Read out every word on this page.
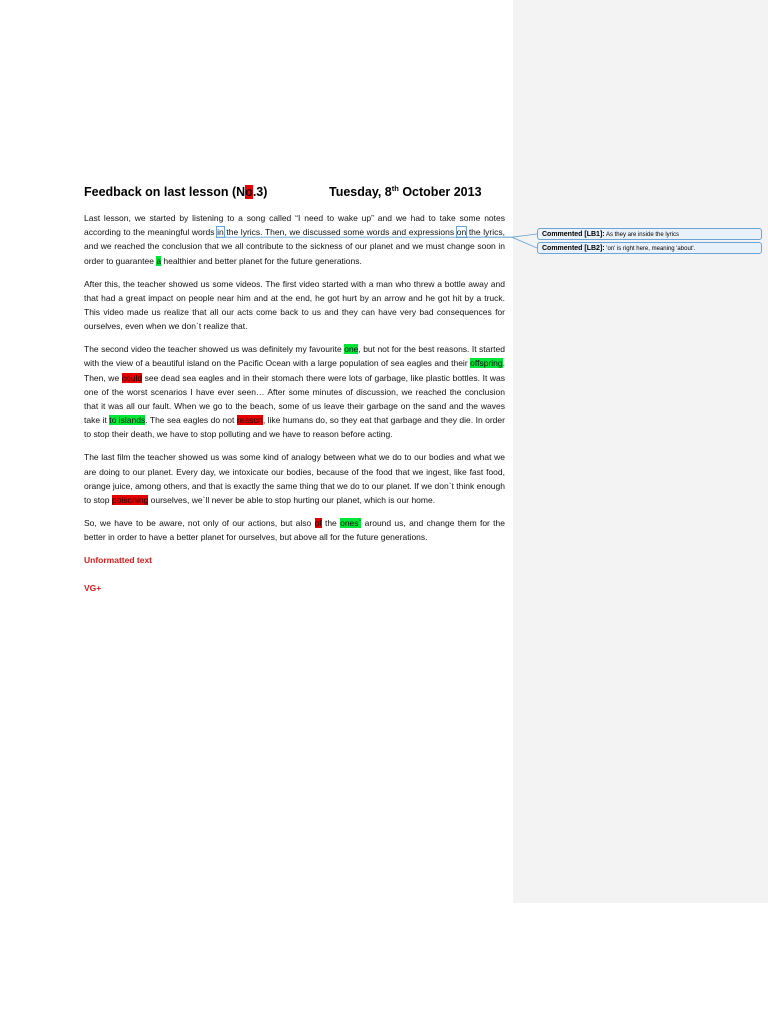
Feedback on last lesson (No.3)	Tuesday, 8th October 2013

Last lesson, we started by listening to a song called “I need to wake up” and we had to take some notes according to the meaningful words in the lyrics. Then, we discussed some words and expressions on the lyrics, and we reached the conclusion that we all contribute to the sickness of our planet and we must change soon in order to guarantee a healthier and better planet for the future generations.

After this, the teacher showed us some videos. The first video started with a man who threw a bottle away and that had a great impact on people near him and at the end, he got hurt by an arrow and he got hit by a truck. This video made us realize that all our acts come back to us and they can have very bad consequences for ourselves, even when we don`t realize that.

The second video the teacher showed us was definitely my favourite one, but not for the best reasons. It started with the view of a beautiful island on the Pacific Ocean with a large population of sea eagles and their offspring. Then, we could see dead sea eagles and in their stomach there were lots of garbage, like plastic bottles. It was one of the worst scenarios I have ever seen… After some minutes of discussion, we reached the conclusion that it was all our fault. When we go to the beach, some of us leave their garbage on the sand and the waves take it to islands. The sea eagles do not reason, like humans do, so they eat that garbage and they die. In order to stop their death, we have to stop polluting and we have to reason before acting.

The last film the teacher showed us was some kind of analogy between what we do to our bodies and what we are doing to our planet. Every day, we intoxicate our bodies, because of the food that we ingest, like fast food, orange juice, among others, and that is exactly the same thing that we do to our planet. If we don`t think enough to stop poisoning ourselves, we`ll never be able to stop hurting our planet, which is our home.

So, we have to be aware, not only of our actions, but also of the ones` around us, and change them for the better in order to have a better planet for ourselves, but above all for the future generations.

Unformatted text

VG+

Commented [LB1]: As they are inside the lyrics
Commented [LB2]: 'on' is right here, meaning 'about'.
